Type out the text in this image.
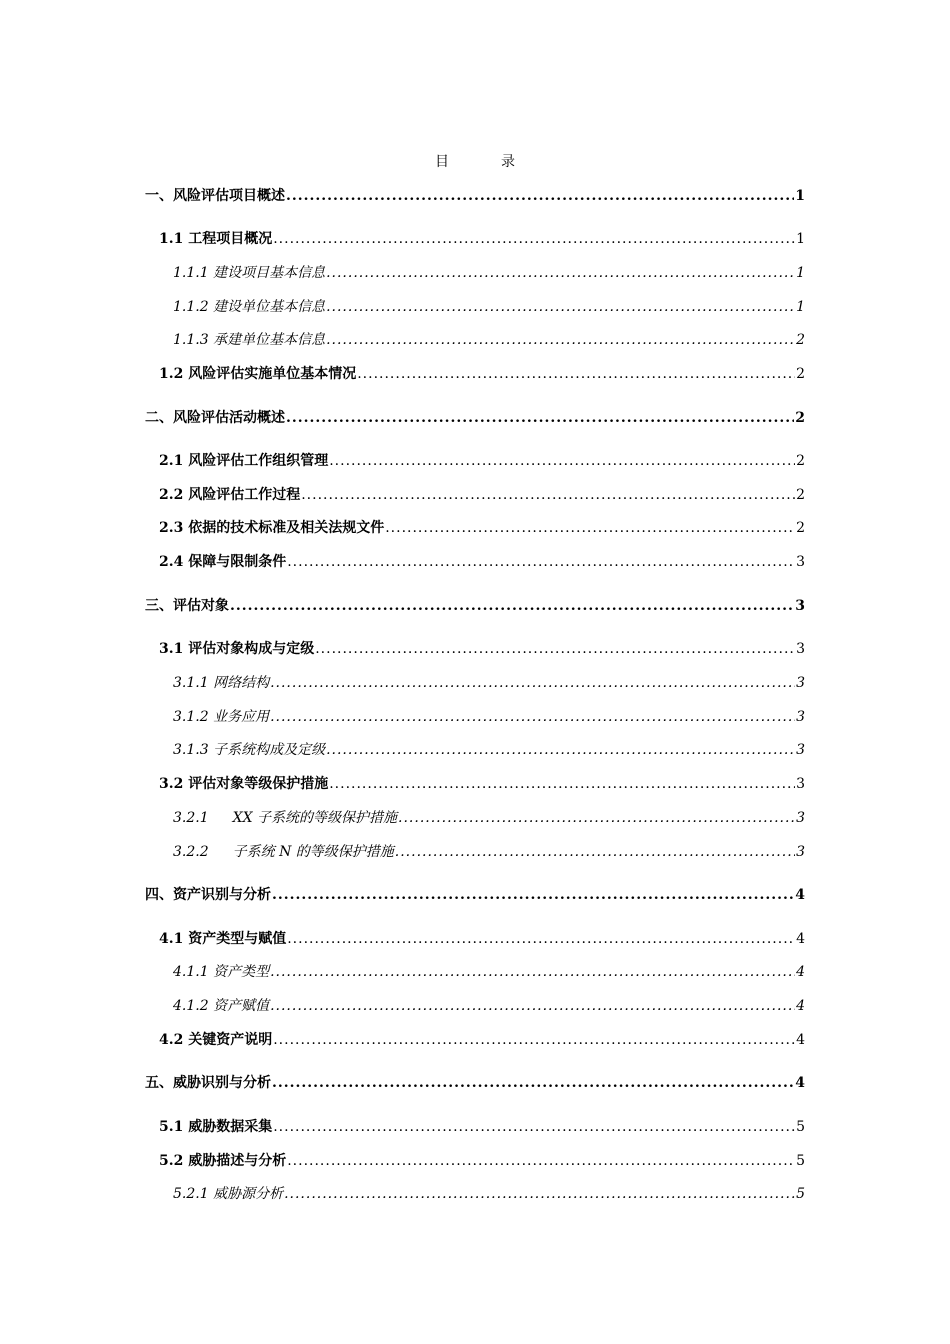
目	录
一、风险评估项目概述 .....	1
1.1 工程项目概况 .....	1
1.1.1 建设项目基本信息 .....	1
1.1.2 建设单位基本信息 .....	1
1.1.3 承建单位基本信息 .....	2
1.2 风险评估实施单位基本情况 .....	2
二、风险评估活动概述 .....	2
2.1 风险评估工作组织管理 .....	2
2.2 风险评估工作过程 .....	2
2.3 依据的技术标准及相关法规文件 .....	2
2.4 保障与限制条件 .....	3
三、评估对象 .....	3
3.1 评估对象构成与定级 .....	3
3.1.1 网络结构 .....	3
3.1.2 业务应用 .....	3
3.1.3 子系统构成及定级 .....	3
3.2 评估对象等级保护措施 .....	3
3.2.1 XX 子系统的等级保护措施 .....	3
3.2.2 子系统 N 的等级保护措施 .....	3
四、资产识别与分析 .....	4
4.1 资产类型与赋值 .....	4
4.1.1 资产类型 .....	4
4.1.2 资产赋值 .....	4
4.2 关键资产说明 .....	4
五、威胁识别与分析 .....	4
5.1 威胁数据采集 .....	5
5.2 威胁描述与分析 .....	5
5.2.1 威胁源分析 .....	5
